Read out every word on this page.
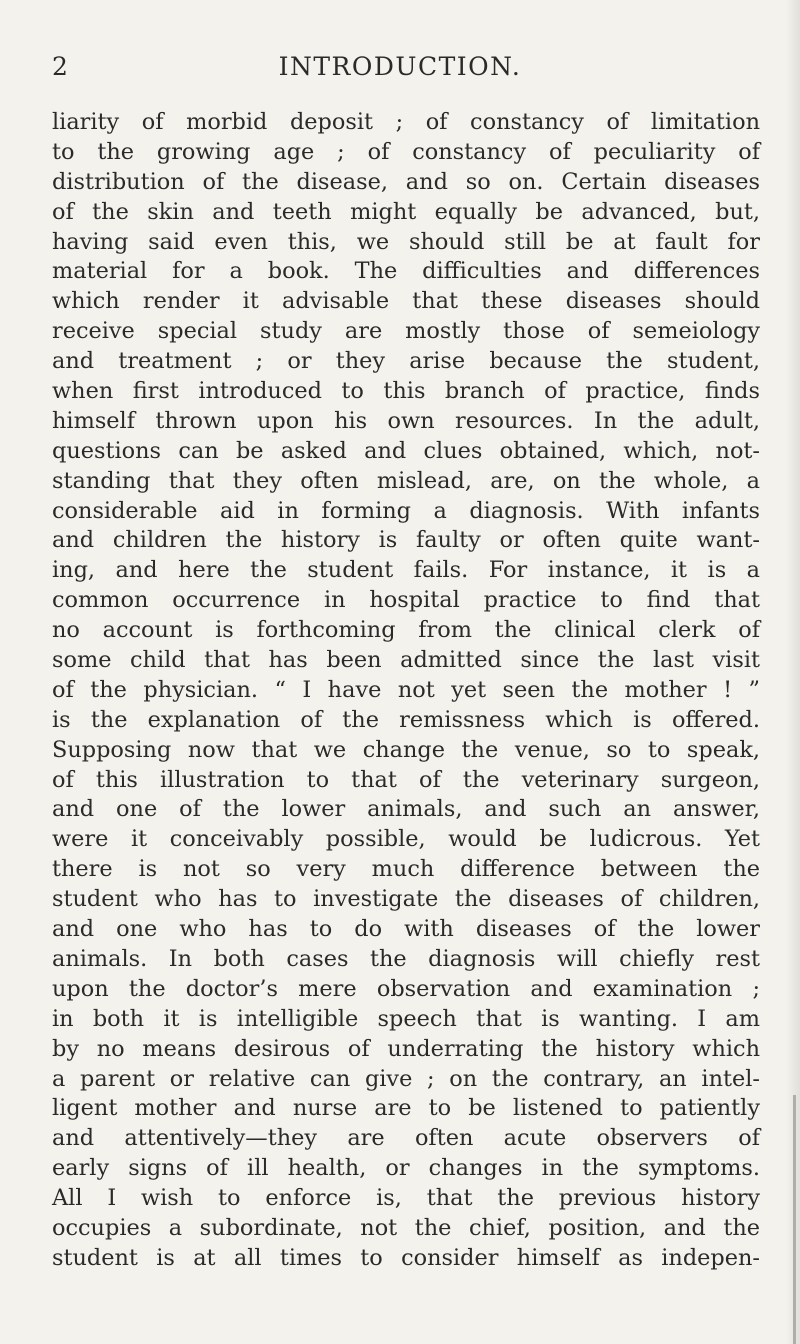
2	INTRODUCTION.
liarity of morbid deposit ; of constancy of limitation
to the growing age ; of constancy of peculiarity of
distribution of the disease, and so on. Certain diseases
of the skin and teeth might equally be advanced, but,
having said even this, we should still be at fault for
material for a book. The difficulties and differences
which render it advisable that these diseases should
receive special study are mostly those of semeiology
and treatment ; or they arise because the student,
when first introduced to this branch of practice, finds
himself thrown upon his own resources. In the adult,
questions can be asked and clues obtained, which, not-
standing that they often mislead, are, on the whole, a
considerable aid in forming a diagnosis. With infants
and children the history is faulty or often quite want-
ing, and here the student fails. For instance, it is a
common occurrence in hospital practice to find that
no account is forthcoming from the clinical clerk of
some child that has been admitted since the last visit
of the physician. “ I have not yet seen the mother ! ”
is the explanation of the remissness which is offered.
Supposing now that we change the venue, so to speak,
of this illustration to that of the veterinary surgeon,
and one of the lower animals, and such an answer,
were it conceivably possible, would be ludicrous. Yet
there is not so very much difference between the
student who has to investigate the diseases of children,
and one who has to do with diseases of the lower
animals. In both cases the diagnosis will chiefly rest
upon the doctor’s mere observation and examination ;
in both it is intelligible speech that is wanting. I am
by no means desirous of underrating the history which
a parent or relative can give ; on the contrary, an intel-
ligent mother and nurse are to be listened to patiently
and attentively—they are often acute observers of
early signs of ill health, or changes in the symptoms.
All I wish to enforce is, that the previous history
occupies a subordinate, not the chief, position, and the
student is at all times to consider himself as indepen-
